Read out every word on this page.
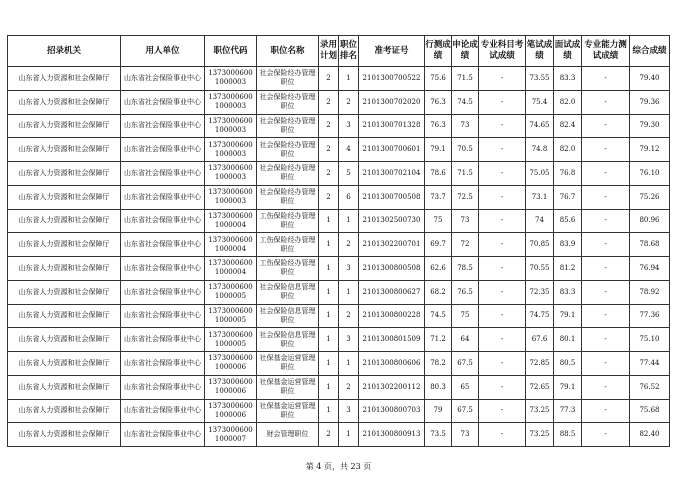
招录机关	用人单位	职位代码	职位名称	录用计划	职位排名	准考证号	行测成绩	申论成绩	专业科目考试成绩	笔试成绩	面试成绩	专业能力测试成绩	综合成绩
山东省人力资源和社会保障厅	山东省社会保险事业中心	1373000600 1000003	社会保险经办管理职位	2	1	2101300700522	75.6	71.5	-	73.55	83.3	-	79.40
山东省人力资源和社会保障厅	山东省社会保险事业中心	1373000600 1000003	社会保险经办管理职位	2	2	2101300702020	76.3	74.5	-	75.4	82.0	-	79.36
山东省人力资源和社会保障厅	山东省社会保险事业中心	1373000600 1000003	社会保险经办管理职位	2	3	2101300701328	76.3	73	-	74.65	82.4	-	79.30
山东省人力资源和社会保障厅	山东省社会保险事业中心	1373000600 1000003	社会保险经办管理职位	2	4	2101300700601	79.1	70.5	-	74.8	82.0	-	79.12
山东省人力资源和社会保障厅	山东省社会保险事业中心	1373000600 1000003	社会保险经办管理职位	2	5	2101300702104	78.6	71.5	-	75.05	76.8	-	76.10
山东省人力资源和社会保障厅	山东省社会保险事业中心	1373000600 1000003	社会保险经办管理职位	2	6	2101300700508	73.7	72.5	-	73.1	76.7	-	75.26
山东省人力资源和社会保障厅	山东省社会保险事业中心	1373000600 1000004	工伤保险经办管理职位	1	1	2101302500730	75	73	-	74	85.6	-	80.96
山东省人力资源和社会保障厅	山东省社会保险事业中心	1373000600 1000004	工伤保险经办管理职位	1	2	2101302200701	69.7	72	-	70.85	83.9	-	78.68
山东省人力资源和社会保障厅	山东省社会保险事业中心	1373000600 1000004	工伤保险经办管理职位	1	3	2101300800508	62.6	78.5	-	70.55	81.2	-	76.94
山东省人力资源和社会保障厅	山东省社会保险事业中心	1373000600 1000005	社会保险信息管理职位	1	1	2101300800627	68.2	76.5	-	72.35	83.3	-	78.92
山东省人力资源和社会保障厅	山东省社会保险事业中心	1373000600 1000005	社会保险信息管理职位	1	2	2101300800228	74.5	75	-	74.75	79.1	-	77.36
山东省人力资源和社会保障厅	山东省社会保险事业中心	1373000600 1000005	社会保险信息管理职位	1	3	2101300801509	71.2	64	-	67.6	80.1	-	75.10
山东省人力资源和社会保障厅	山东省社会保险事业中心	1373000600 1000006	社保基金运营管理职位	1	1	2101300800606	78.2	67.5	-	72.85	80.5	-	77.44
山东省人力资源和社会保障厅	山东省社会保险事业中心	1373000600 1000006	社保基金运营管理职位	1	2	2101302200112	80.3	65	-	72.65	79.1	-	76.52
山东省人力资源和社会保障厅	山东省社会保险事业中心	1373000600 1000006	社保基金运营管理职位	1	3	2101300800703	79	67.5	-	73.25	77.3	-	75.68
山东省人力资源和社会保障厅	山东省社会保险事业中心	1373000600 1000007	财会管理职位	2	1	2101300800913	73.5	73	-	73.25	88.5	-	82.40
第 4 页，共 23 页
